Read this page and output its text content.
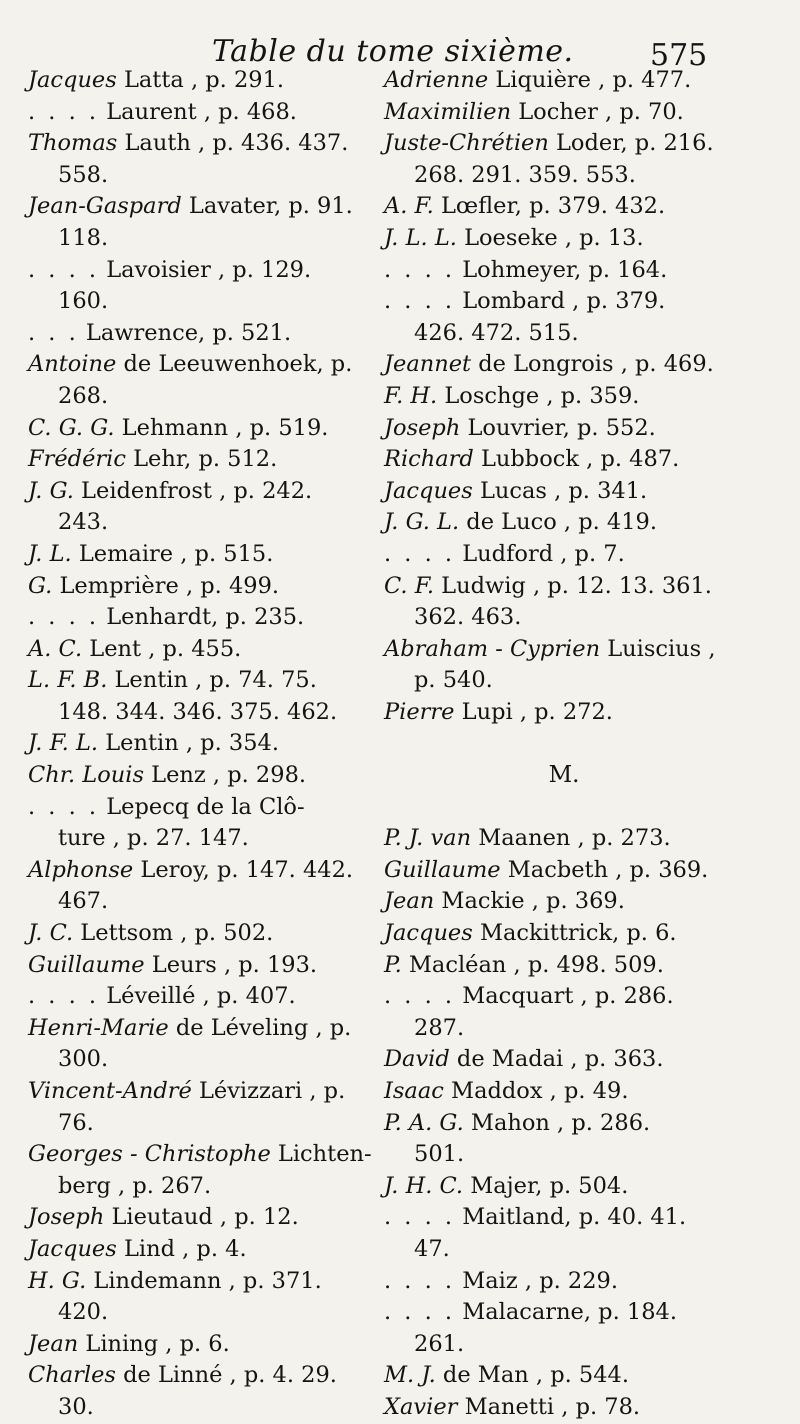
Table du tome sixième.	575
Jacques Latta , p. 291.
. . . . Laurent , p. 468.
Thomas Lauth , p. 436. 437.
558.
Jean-Gaspard Lavater, p. 91.
118.
. . . . Lavoisier , p. 129.
160.
. . . Lawrence, p. 521.
Antoine de Leeuwenhoek, p.
268.
C. G. G. Lehmann , p. 519.
Frédéric Lehr, p. 512.
J. G. Leidenfrost , p. 242.
243.
J. L. Lemaire , p. 515.
G. Lemprière , p. 499.
. . . . Lenhardt, p. 235.
A. C. Lent , p. 455.
L. F. B. Lentin , p. 74. 75.
148. 344. 346. 375. 462.
J. F. L. Lentin , p. 354.
Chr. Louis Lenz , p. 298.
. . . . Lepecq de la Clô-
ture , p. 27. 147.
Alphonse Leroy, p. 147. 442.
467.
J. C. Lettsom , p. 502.
Guillaume Leurs , p. 193.
. . . . Léveillé , p. 407.
Henri-Marie de Léveling , p.
300.
Vincent-André Lévizzari , p.
76.
Georges - Christophe Lichten-
berg , p. 267.
Joseph Lieutaud , p. 12.
Jacques Lind , p. 4.
H. G. Lindemann , p. 371.
420.
Jean Lining , p. 6.
Charles de Linné , p. 4. 29.
30.
Adrienne Liquière , p. 477.
Maximilien Locher , p. 70.
Juste-Chrétien Loder, p. 216.
268. 291. 359. 553.
A. F. Lœfler, p. 379. 432.
J. L. L. Loeseke , p. 13.
. . . . Lohmeyer, p. 164.
. . . . Lombard , p. 379.
426. 472. 515.
Jeannet de Longrois , p. 469.
F. H. Loschge , p. 359.
Joseph Louvrier, p. 552.
Richard Lubbock , p. 487.
Jacques Lucas , p. 341.
J. G. L. de Luco , p. 419.
. . . . Ludford , p. 7.
C. F. Ludwig , p. 12. 13. 361.
362. 463.
Abraham - Cyprien Luiscius ,
p. 540.
Pierre Lupi , p. 272.
M.
P. J. van Maanen , p. 273.
Guillaume Macbeth , p. 369.
Jean Mackie , p. 369.
Jacques Mackittrick, p. 6.
P. Macléan , p. 498. 509.
. . . . Macquart , p. 286.
287.
David de Madai , p. 363.
Isaac Maddox , p. 49.
P. A. G. Mahon , p. 286.
501.
J. H. C. Majer, p. 504.
. . . . Maitland, p. 40. 41.
47.
. . . . Maiz , p. 229.
. . . . Malacarne, p. 184.
261.
M. J. de Man , p. 544.
Xavier Manetti , p. 78.
